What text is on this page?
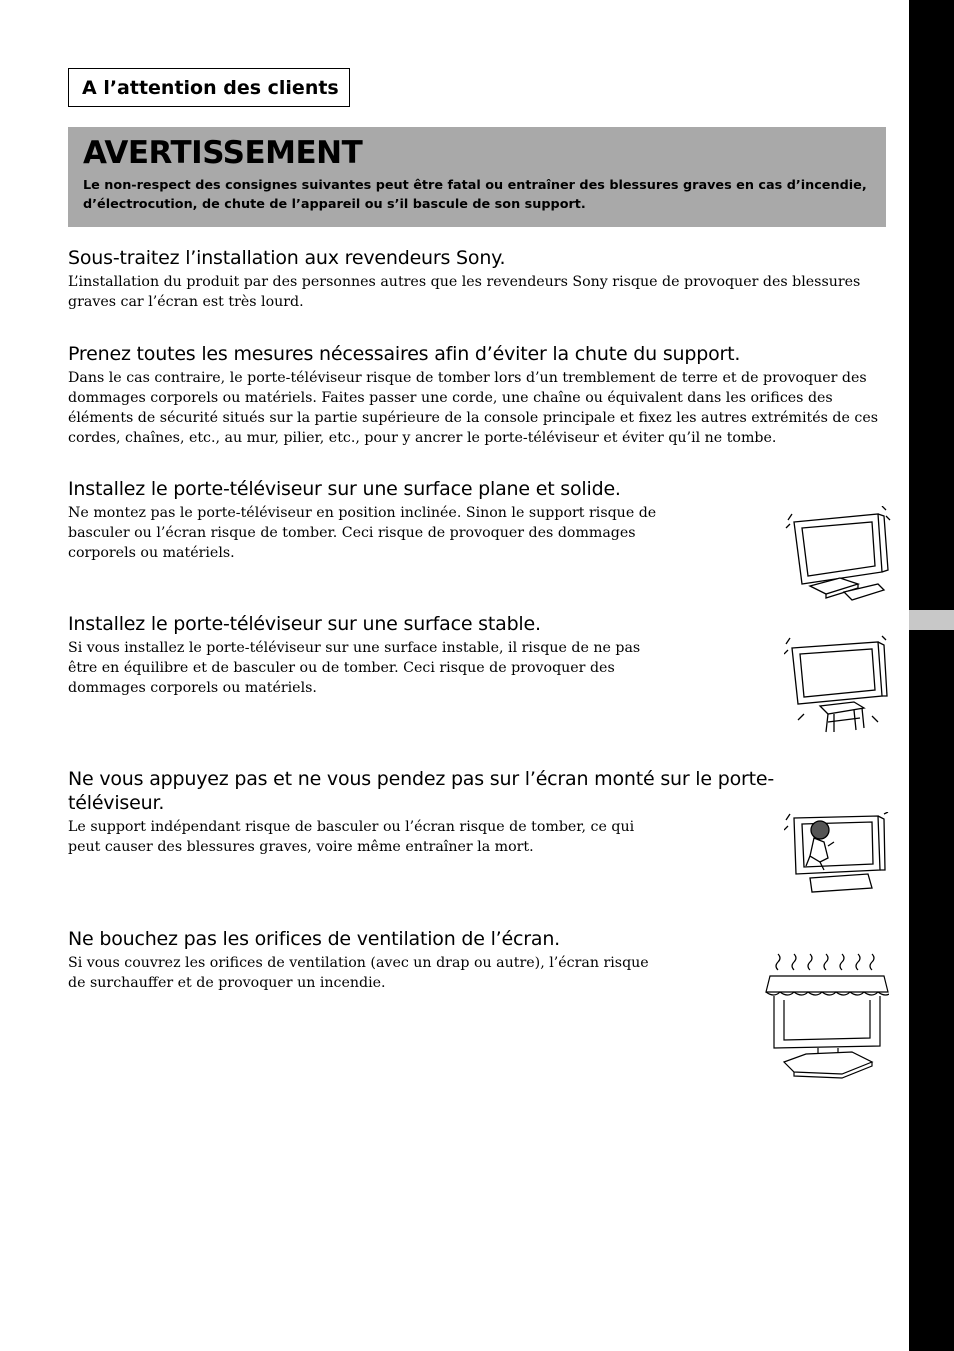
A l’attention des clients
AVERTISSEMENT
Le non-respect des consignes suivantes peut être fatal ou entraîner des blessures graves en cas d’incendie, d’électrocution, de chute de l’appareil ou s’il bascule de son support.
Sous-traitez l’installation aux revendeurs Sony.

L’installation du produit par des personnes autres que les revendeurs Sony risque de provoquer des blessures graves car l’écran est très lourd.

Prenez toutes les mesures nécessaires afin d’éviter la chute du support.

Dans le cas contraire, le porte-téléviseur risque de tomber lors d’un tremblement de terre et de provoquer des dommages corporels ou matériels. Faites passer une corde, une chaîne ou équivalent dans les orifices des éléments de sécurité situés sur la partie supérieure de la console principale et fixez les autres extrémités de ces cordes, chaînes, etc., au mur, pilier, etc., pour y ancrer le porte-téléviseur et éviter qu’il ne tombe.

Installez le porte-téléviseur sur une surface plane et solide.

Ne montez pas le porte-téléviseur en position inclinée. Sinon le support risque de basculer ou l’écran risque de tomber. Ceci risque de provoquer des dommages corporels ou matériels.

Installez le porte-téléviseur sur une surface stable.

Si vous installez le porte-téléviseur sur une surface instable, il risque de ne pas être en équilibre et de basculer ou de tomber. Ceci risque de provoquer des dommages corporels ou matériels.

Ne vous appuyez pas et ne vous pendez pas sur l’écran monté sur le porte-téléviseur.

Le support indépendant risque de basculer ou l’écran risque de tomber, ce qui peut causer des blessures graves, voire même entraîner la mort.

Ne bouchez pas les orifices de ventilation de l’écran.

Si vous couvrez les orifices de ventilation (avec un drap ou autre), l’écran risque de surchauffer et de provoquer un incendie.
